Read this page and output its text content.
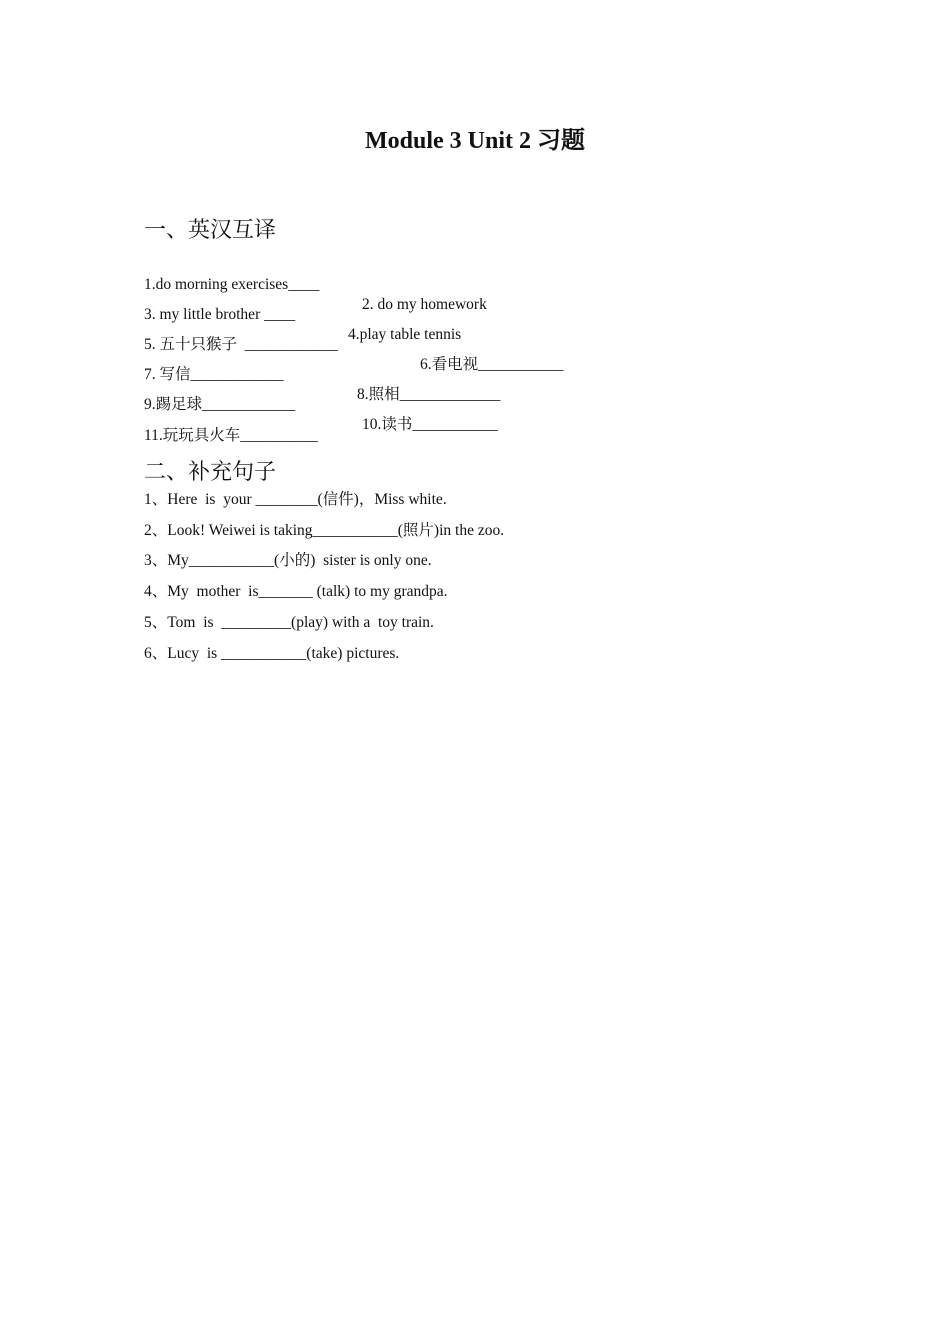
Module 3 Unit 2 习题
一、英汉互译

1.do morning exercises____

2. do my homework

3. my little brother ____

4.play table tennis

5. 五十只猴子  ____________

6.看电视___________

7. 写信____________

8.照相_____________

9.踢足球____________

10.读书___________

11.玩玩具火车__________

二、补充句子
1、Here  is  your ________(信件)，Miss white.
2、Look! Weiwei is taking___________(照片)in the zoo.
3、My___________(小的)  sister is only one.
4、My  mother  is_______ (talk) to my grandpa.
5、Tom  is  _________(play) with a  toy train.
6、Lucy  is ___________(take) pictures.
